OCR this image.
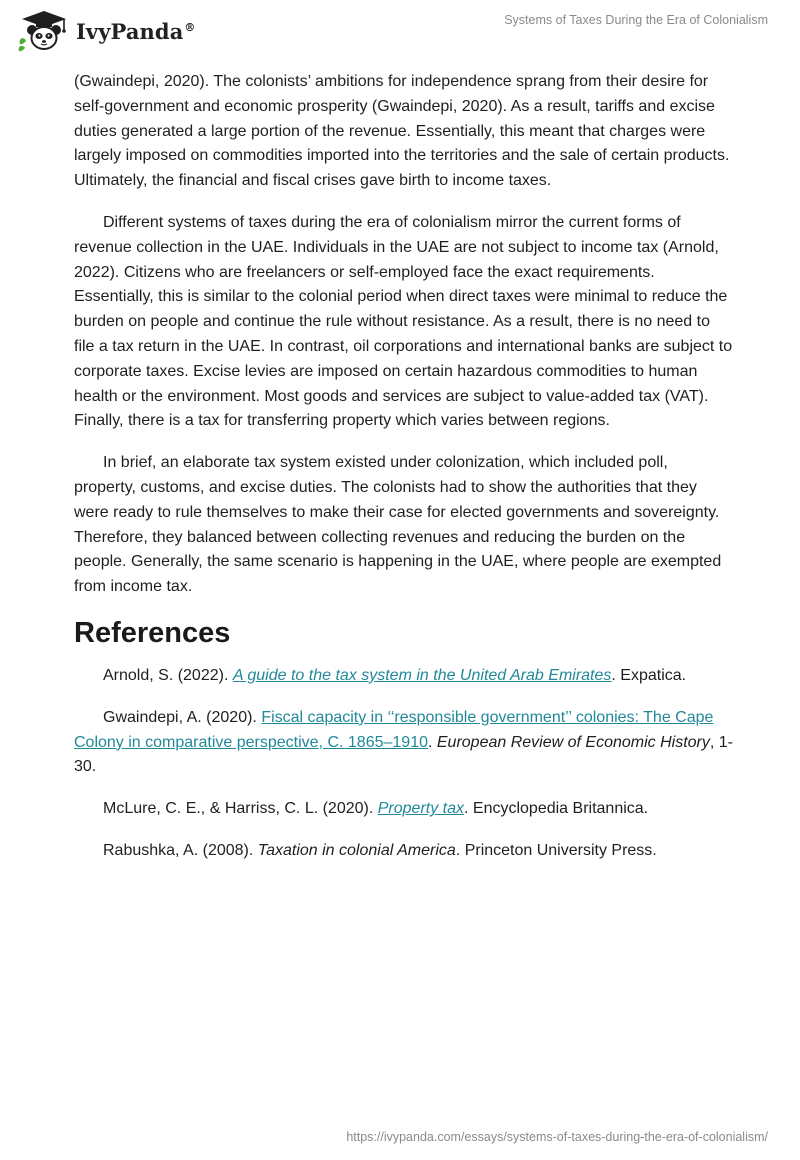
IvyPanda®	Systems of Taxes During the Era of Colonialism

(Gwaindepi, 2020). The colonists’ ambitions for independence sprang from their desire for self-government and economic prosperity (Gwaindepi, 2020). As a result, tariffs and excise duties generated a large portion of the revenue. Essentially, this meant that charges were largely imposed on commodities imported into the territories and the sale of certain products. Ultimately, the financial and fiscal crises gave birth to income taxes.

Different systems of taxes during the era of colonialism mirror the current forms of revenue collection in the UAE. Individuals in the UAE are not subject to income tax (Arnold, 2022). Citizens who are freelancers or self-employed face the exact requirements. Essentially, this is similar to the colonial period when direct taxes were minimal to reduce the burden on people and continue the rule without resistance. As a result, there is no need to file a tax return in the UAE. In contrast, oil corporations and international banks are subject to corporate taxes. Excise levies are imposed on certain hazardous commodities to human health or the environment. Most goods and services are subject to value-added tax (VAT). Finally, there is a tax for transferring property which varies between regions.

In brief, an elaborate tax system existed under colonization, which included poll, property, customs, and excise duties. The colonists had to show the authorities that they were ready to rule themselves to make their case for elected governments and sovereignty. Therefore, they balanced between collecting revenues and reducing the burden on the people. Generally, the same scenario is happening in the UAE, where people are exempted from income tax.

References

Arnold, S. (2022). A guide to the tax system in the United Arab Emirates. Expatica.

Gwaindepi, A. (2020). Fiscal capacity in ‘‘responsible government’’ colonies: The Cape Colony in comparative perspective, C. 1865–1910. European Review of Economic History, 1-30.

McLure, C. E., & Harriss, C. L. (2020). Property tax. Encyclopedia Britannica.

Rabushka, A. (2008). Taxation in colonial America. Princeton University Press.

https://ivypanda.com/essays/systems-of-taxes-during-the-era-of-colonialism/
